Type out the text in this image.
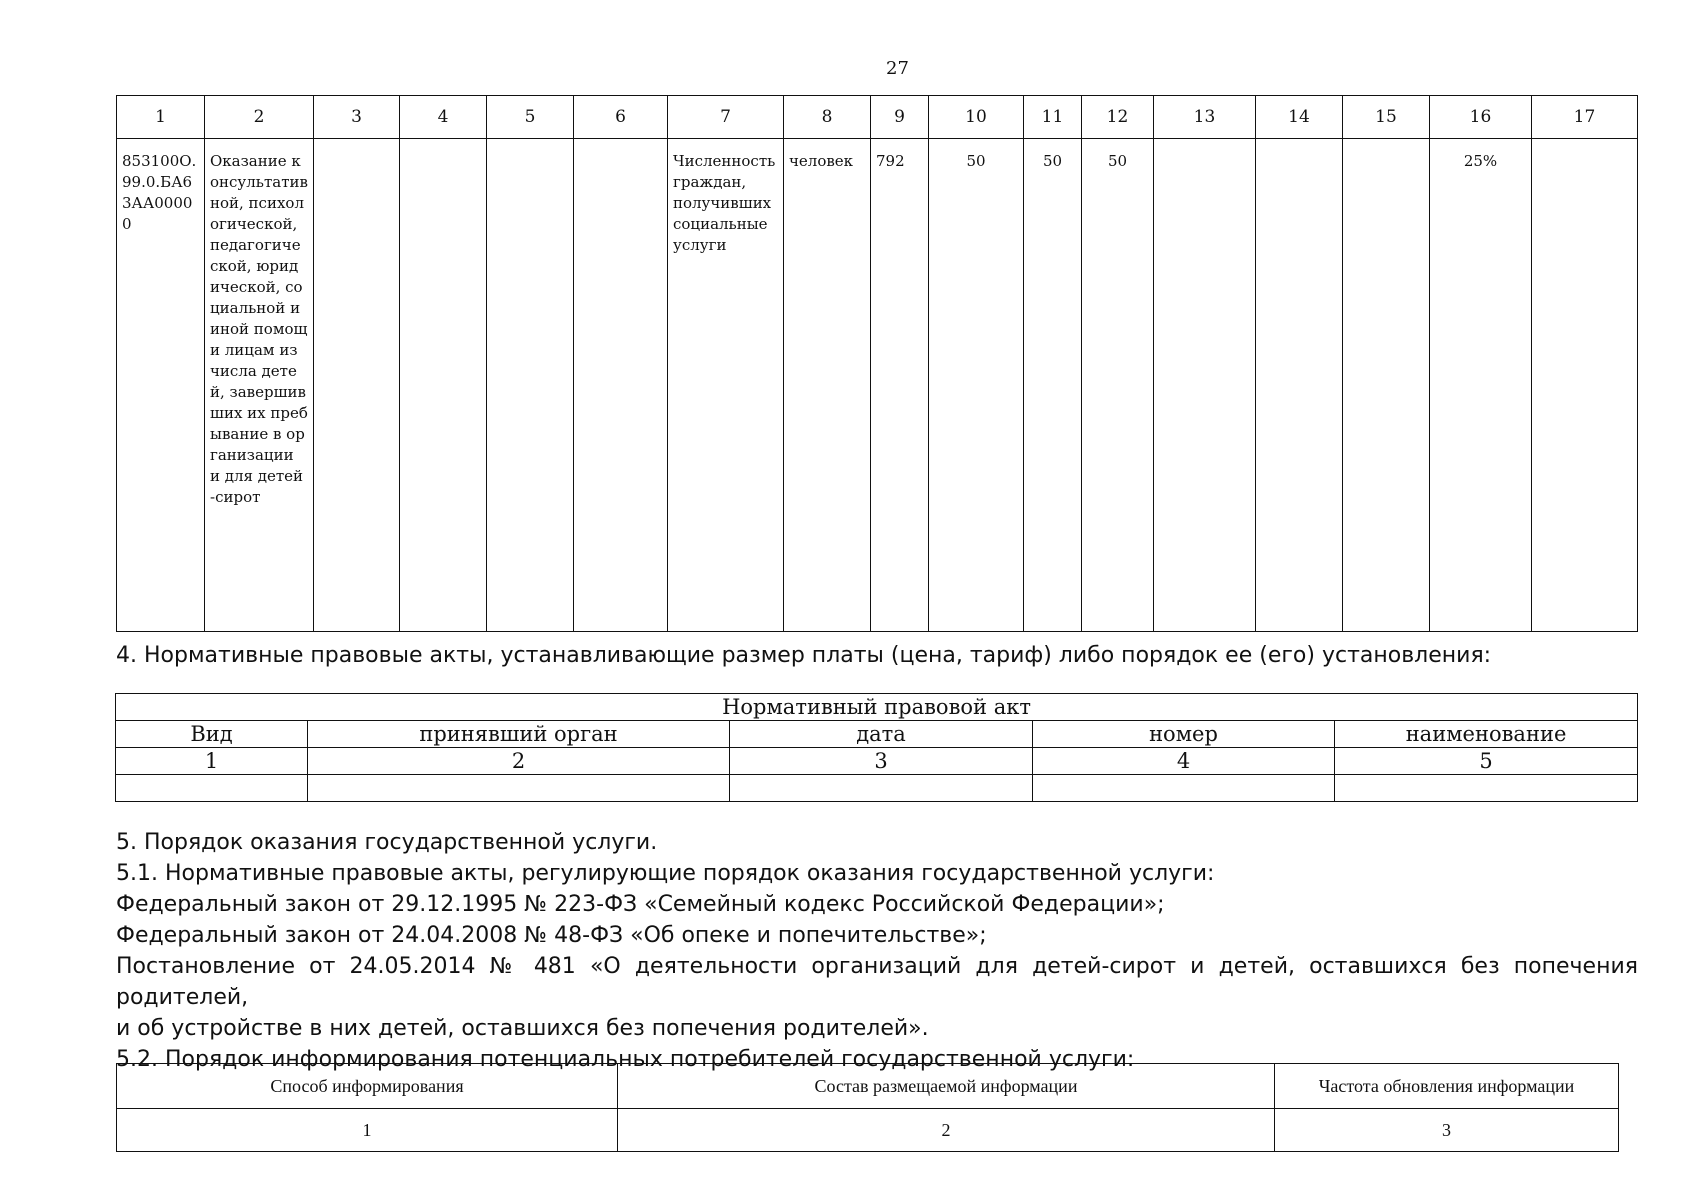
27
1	2	3	4	5	6	7	8	9	10	11	12	13	14	15	16	17
853100О.99.0.БА63АА00000	Оказание консультативной, психологической, педагогической, юридической, социальной и иной помощи лицам из числа детей, завершивших их пребывание в организации и для детей-сирот					Численность граждан, получивших социальные услуги	человек	792	50	50	50				25%	
4. Нормативные правовые акты, устанавливающие размер платы (цена, тариф) либо порядок ее (его) установления:
Нормативный правовой акт				
Вид	принявший орган	дата	номер	наименование
1	2	3	4	5

5. Порядок оказания государственной услуги.

5.1. Нормативные правовые акты, регулирующие порядок оказания государственной услуги:

Федеральный закон от 29.12.1995 № 223-ФЗ «Семейный кодекс Российской Федерации»;

Федеральный закон от 24.04.2008 № 48-ФЗ «Об опеке и попечительстве»;

Постановление от 24.05.2014 № 481 «О деятельности организаций для детей-сирот и детей, оставшихся без попечения родителей,

и об устройстве в них детей, оставшихся без попечения родителей».

5.2. Порядок информирования потенциальных потребителей государственной услуги:

Способ информирования	Состав размещаемой информации	Частота обновления информации
1	2	3
